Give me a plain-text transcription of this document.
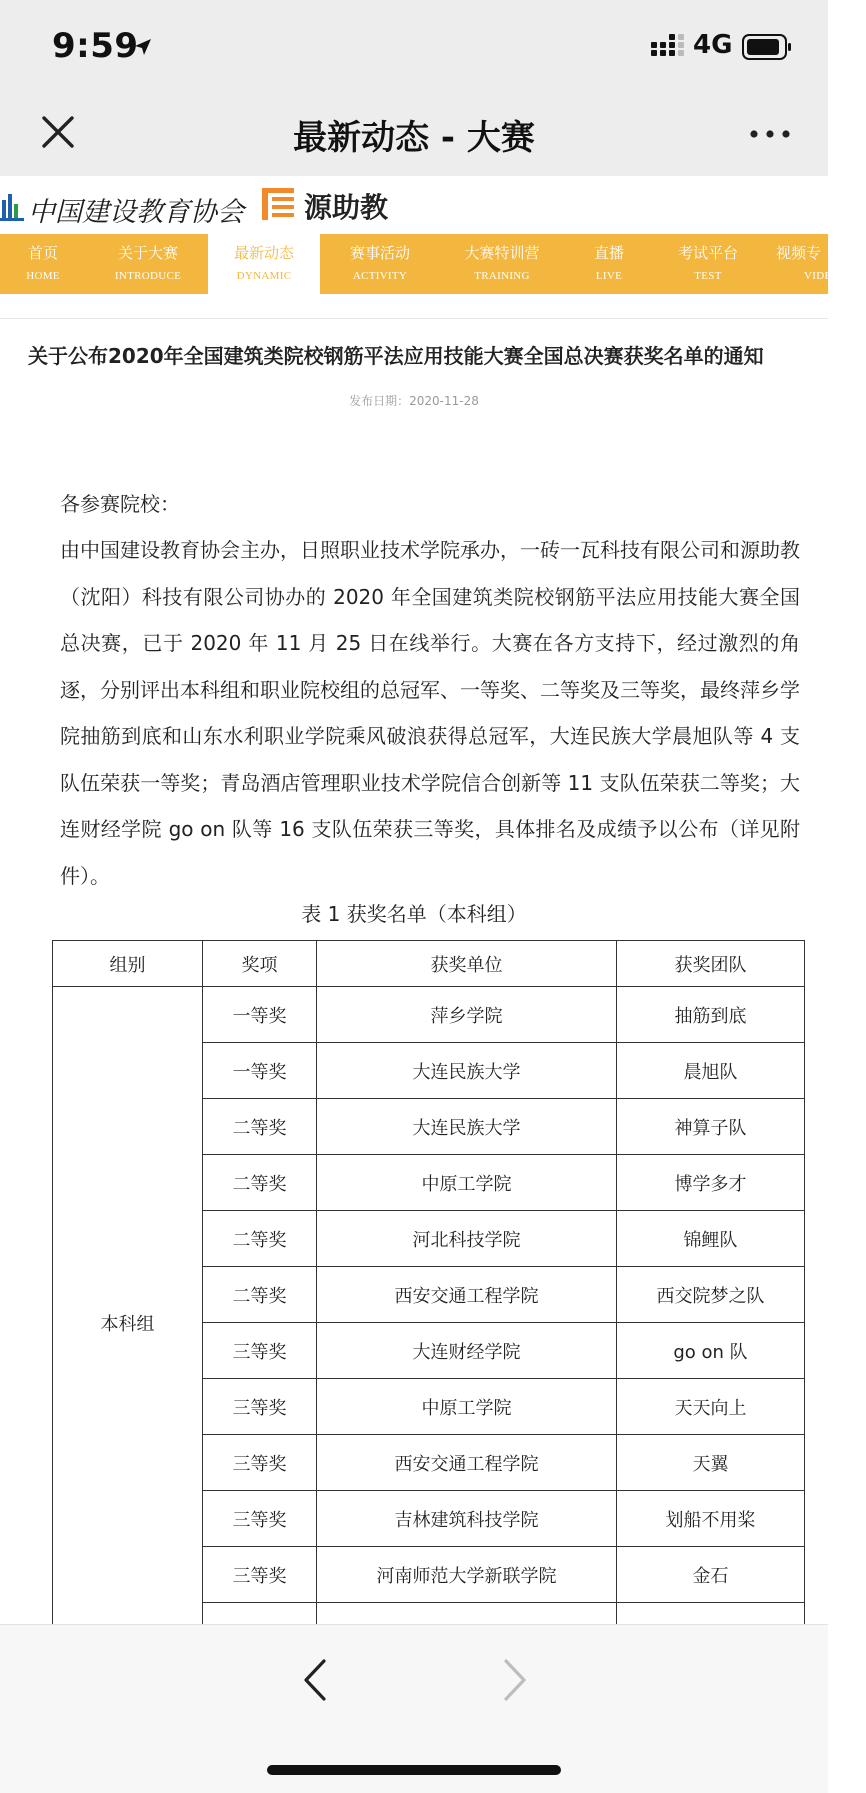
9:59	4G
最新动态 - 大赛
中国建设教育协会 源助教
首页
HOME
关于大赛
INTRODUCE
最新动态
DYNAMIC
赛事活动
ACTIVITY
大赛特训营
TRAINING
直播
LIVE
考试平台
TEST
视频专
VIDE
关于公布2020年全国建筑类院校钢筋平法应用技能大赛全国总决赛获奖名单的通知
发布日期：2020-11-28
各参赛院校：
由中国建设教育协会主办，日照职业技术学院承办，一砖一瓦科技有限公司和源助教（沈阳）科技有限公司协办的 2020 年全国建筑类院校钢筋平法应用技能大赛全国总决赛，已于 2020 年 11 月 25 日在线举行。大赛在各方支持下，经过激烈的角逐，分别评出本科组和职业院校组的总冠军、一等奖、二等奖及三等奖，最终萍乡学院抽筋到底和山东水利职业学院乘风破浪获得总冠军，大连民族大学晨旭队等 4 支队伍荣获一等奖；青岛酒店管理职业技术学院信合创新等 11 支队伍荣获二等奖；大连财经学院 go on 队等 16 支队伍荣获三等奖，具体排名及成绩予以公布（详见附件）。
表 1 获奖名单（本科组）
组别	奖项	获奖单位	获奖团队
本科组	一等奖	萍乡学院	抽筋到底
	一等奖	大连民族大学	晨旭队
	二等奖	大连民族大学	神算子队
	二等奖	中原工学院	博学多才
	二等奖	河北科技学院	锦鲤队
	二等奖	西安交通工程学院	西交院梦之队
	三等奖	大连财经学院	go on 队
	三等奖	中原工学院	天天向上
	三等奖	西安交通工程学院	天翼
	三等奖	吉林建筑科技学院	划船不用桨
	三等奖	河南师范大学新联学院	金石
